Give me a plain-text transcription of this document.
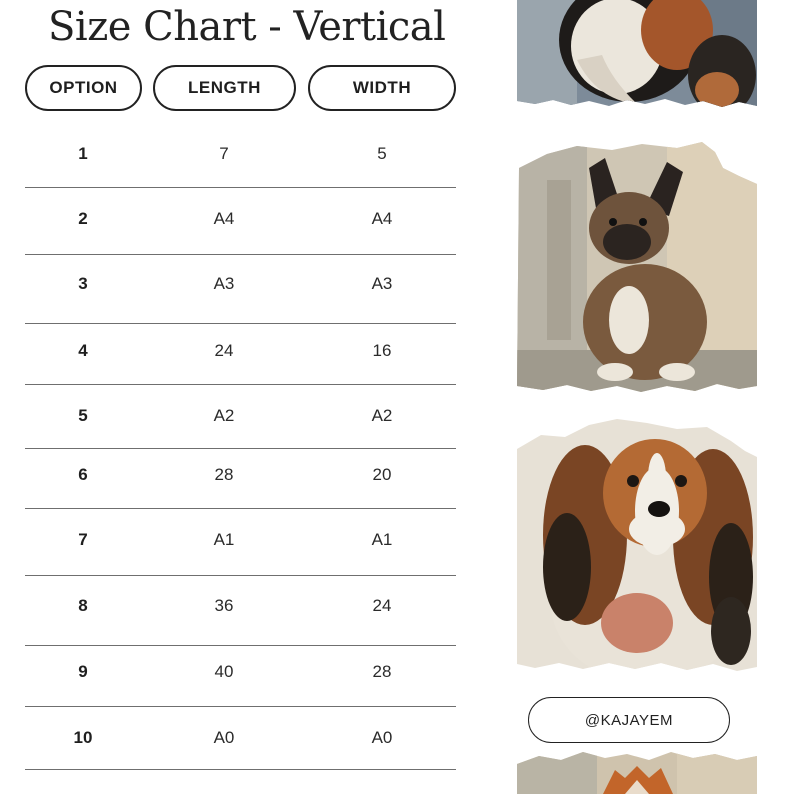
Size Chart - Vertical
OPTION	LENGTH	WIDTH
1	7	5
2	A4	A4
3	A3	A3
4	24	16
5	A2	A2
6	28	20
7	A1	A1
8	36	24
9	40	28
10	A0	A0
@KAJAYEM
